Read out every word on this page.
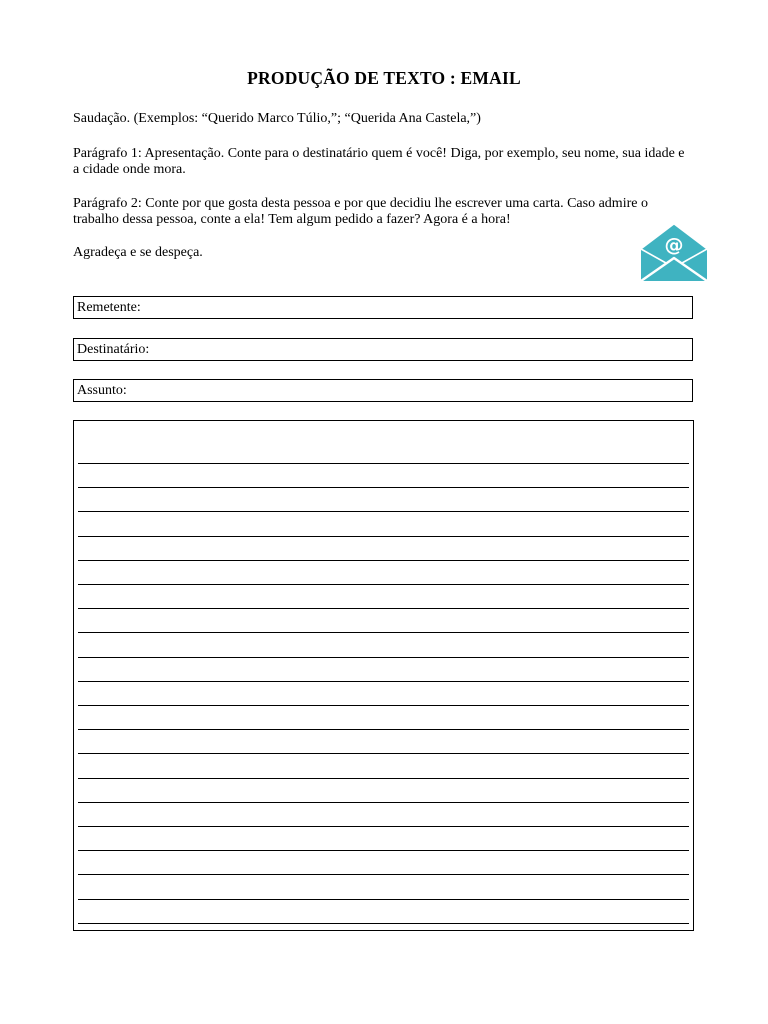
PRODUÇÃO DE TEXTO : EMAIL
Saudação. (Exemplos: “Querido Marco Túlio,”; “Querida Ana Castela,”)
Parágrafo 1: Apresentação. Conte para o destinatário quem é você! Diga, por exemplo, seu nome, sua idade e a cidade onde mora.
Parágrafo 2: Conte por que gosta desta pessoa e por que decidiu lhe escrever uma carta. Caso admire o trabalho dessa pessoa, conte a ela! Tem algum pedido a fazer? Agora é a hora!
Agradeça e se despeça.	@
Remetente:
Destinatário:
Assunto:
